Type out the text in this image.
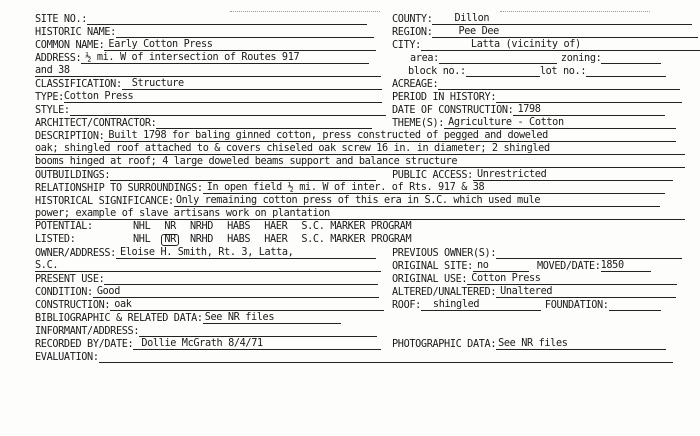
SITE NO.:	COUNTY: Dillon
HISTORIC NAME:	REGION:	Pee Dee
COMMON NAME: Early Cotton Press	CITY:	Latta (vicinity of)
ADDRESS: ½ mi. W of intersection of Routes 917	area:	zoning:
and 38	block no.:	lot no.:
CLASSIFICATION: Structure	ACREAGE:
TYPE:Cotton Press	PERIOD IN HISTORY:
STYLE:	DATE OF CONSTRUCTION: 1798
ARCHITECT/CONTRACTOR:	THEME(S): Agriculture - Cotton
DESCRIPTION: Built 1798 for baling ginned cotton, press constructed of pegged and doweled
oak; shingled roof attached to & covers chiseled oak screw 16 in. in diameter; 2 shingled
booms hinged at roof; 4 large doweled beams support and balance structure
OUTBUILDINGS:	PUBLIC ACCESS: Unrestricted
RELATIONSHIP TO SURROUNDINGS: In open field ½ mi. W of inter. of Rts. 917 & 38
HISTORICAL SIGNIFICANCE: Only remaining cotton press of this era in S.C. which used mule
power; example of slave artisans work on plantation
POTENTIAL:	NHL NR NRHD HABS HAER S.C. MARKER PROGRAM
LISTED:	NHL NR NRHD HABS HAER S.C. MARKER PROGRAM
OWNER/ADDRESS: Eloise H. Smith, Rt. 3, Latta,	PREVIOUS OWNER(S):
S.C.	ORIGINAL SITE: no	MOVED/DATE:1850
PRESENT USE:	ORIGINAL USE: Cotton Press
CONDITION: Good	ALTERED/UNALTERED: Unaltered
CONSTRUCTION: oak	ROOF: shingled	FOUNDATION:
BIBLIOGRAPHIC & RELATED DATA: See NR files
INFORMANT/ADDRESS:
RECORDED BY/DATE: Dollie McGrath 8/4/71	PHOTOGRAPHIC DATA: See NR files
EVALUATION:
